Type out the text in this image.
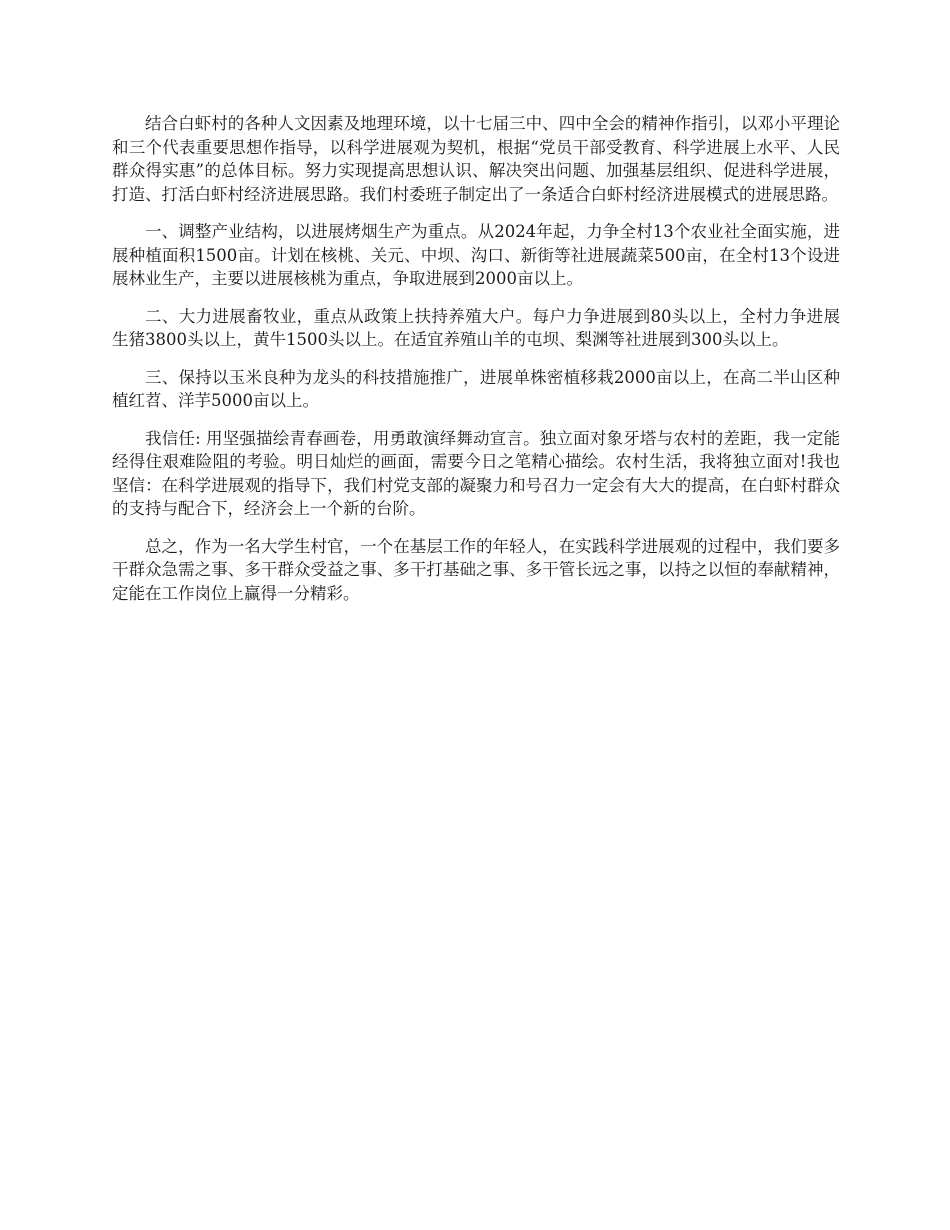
结合白虾村的各种人文因素及地理环境，以十七届三中、四中全会的精神作指引，以邓小平理论和三个代表重要思想作指导，以科学进展观为契机，根据“党员干部受教育、科学进展上水平、人民群众得实惠”的总体目标。努力实现提高思想认识、解决突出问题、加强基层组织、促进科学进展，打造、打活白虾村经济进展思路。我们村委班子制定出了一条适合白虾村经济进展模式的进展思路。

一、调整产业结构，以进展烤烟生产为重点。从2024年起，力争全村13个农业社全面实施，进展种植面积1500亩。计划在核桃、关元、中坝、沟口、新街等社进展蔬菜500亩，在全村13个设进展林业生产，主要以进展核桃为重点，争取进展到2000亩以上。

二、大力进展畜牧业，重点从政策上扶持养殖大户。每户力争进展到80头以上，全村力争进展生猪3800头以上，黄牛1500头以上。在适宜养殖山羊的屯坝、梨渊等社进展到300头以上。

三、保持以玉米良种为龙头的科技措施推广，进展单株密植移栽2000亩以上，在高二半山区种植红苕、洋芋5000亩以上。

我信任: 用坚强描绘青春画卷，用勇敢演绎舞动宣言。独立面对象牙塔与农村的差距，我一定能经得住艰难险阻的考验。明日灿烂的画面，需要今日之笔精心描绘。农村生活，我将独立面对!我也坚信：在科学进展观的指导下，我们村党支部的凝聚力和号召力一定会有大大的提高，在白虾村群众的支持与配合下，经济会上一个新的台阶。

总之，作为一名大学生村官，一个在基层工作的年轻人，在实践科学进展观的过程中，我们要多干群众急需之事、多干群众受益之事、多干打基础之事、多干管长远之事，以持之以恒的奉献精神，定能在工作岗位上赢得一分精彩。
